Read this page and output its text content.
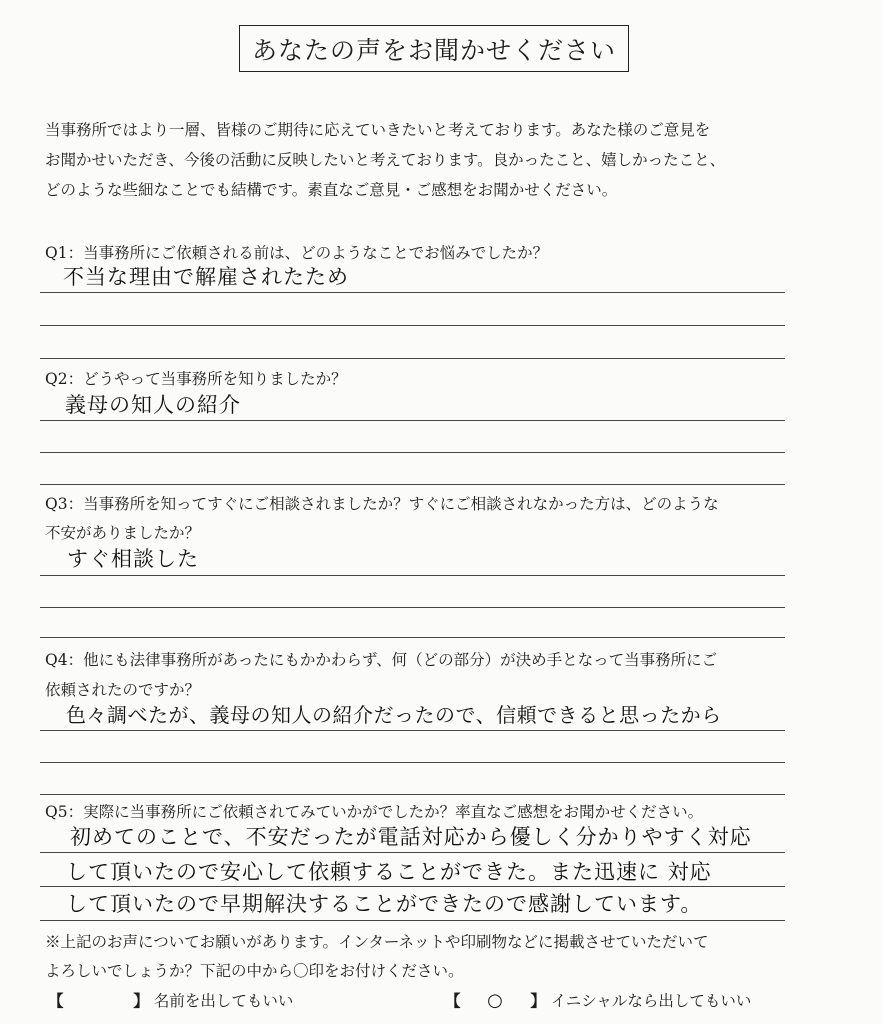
あなたの声をお聞かせください
当事務所ではより一層、皆様のご期待に応えていきたいと考えております。あなた様のご意見を
お聞かせいただき、今後の活動に反映したいと考えております。良かったこと、嬉しかったこと、
どのような些細なことでも結構です。素直なご意見・ご感想をお聞かせください。
Q1：当事務所にご依頼される前は、どのようなことでお悩みでしたか？
不当な理由で解雇されたため
Q2：どうやって当事務所を知りましたか？
義母の知人の紹介
Q3：当事務所を知ってすぐにご相談されましたか？すぐにご相談されなかった方は、どのような
不安がありましたか？
すぐ相談した
Q4：他にも法律事務所があったにもかかわらず、何（どの部分）が決め手となって当事務所にご
依頼されたのですか？
色々調べたが、義母の知人の紹介だったので、信頼できると思ったから
Q5：実際に当事務所にご依頼されてみていかがでしたか？率直なご感想をお聞かせください。
初めてのことで、不安だったが電話対応から優しく分かりやすく対応
して頂いたので安心して依頼することができた。また迅速に 対応
して頂いたので早期解決することができたので感謝しています。
※上記のお声についてお願いがあります。インターネットや印刷物などに掲載させていただいて
よろしいでしょうか？下記の中から〇印をお付けください。
【	】 名前を出してもいい	【 ○ 】 イニシャルなら出してもいい
